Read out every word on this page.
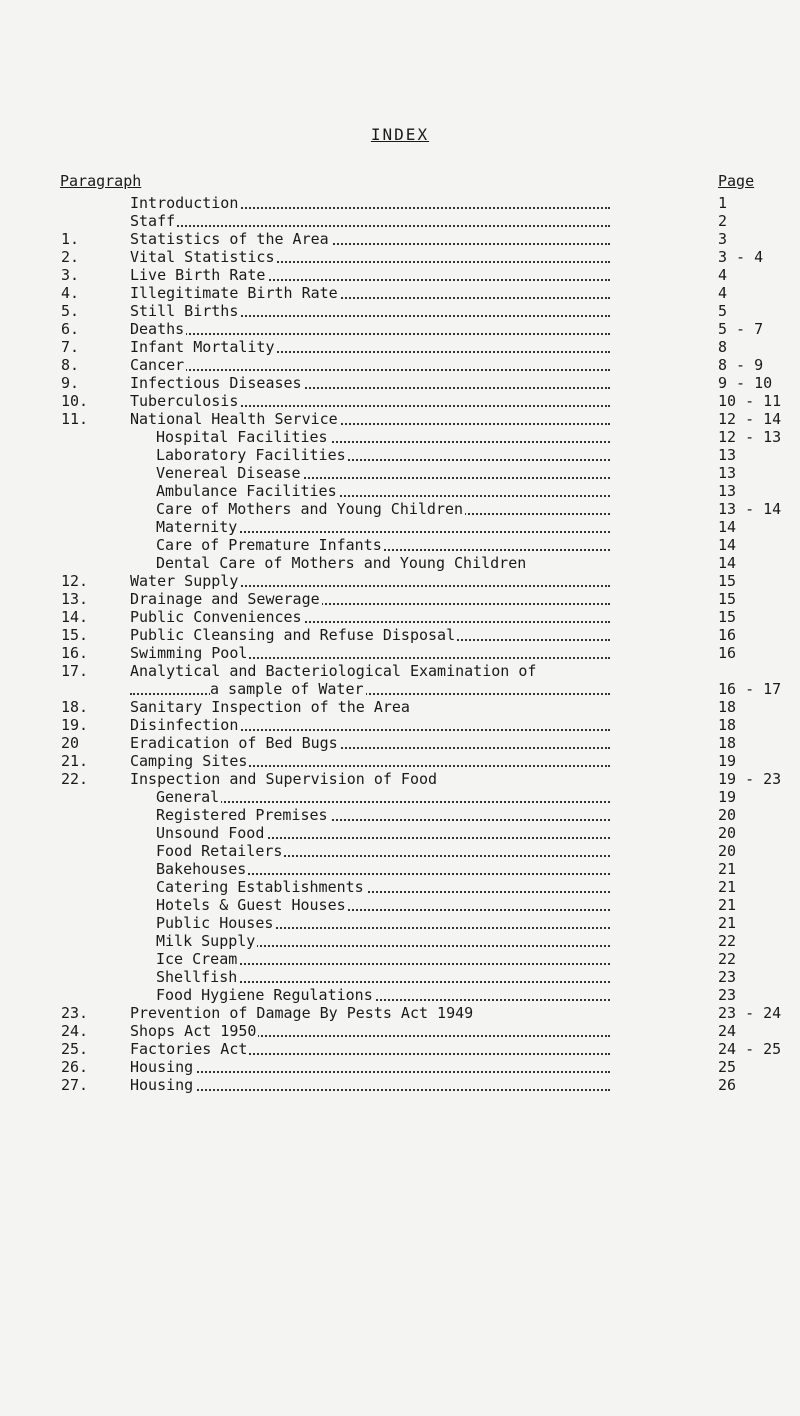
INDEX
Paragraph	Page
Introduction	1
Staff	2
1.	Statistics of the Area	3
2.	Vital Statistics	3 - 4
3.	Live Birth Rate	4
4.	Illegitimate Birth Rate	4
5.	Still Births	5
6.	Deaths	5 - 7
7.	Infant Mortality	8
8.	Cancer	8 - 9
9.	Infectious Diseases	9 - 10
10.	Tuberculosis	10 - 11
11.	National Health Service	12 - 14
Hospital Facilities	12 - 13
Laboratory Facilities	13
Venereal Disease	13
Ambulance Facilities	13
Care of Mothers and Young Children	13 - 14
Maternity	14
Care of Premature Infants	14
Dental Care of Mothers and Young Children	14
12.	Water Supply	15
13.	Drainage and Sewerage	15
14.	Public Conveniences	15
15.	Public Cleansing and Refuse Disposal	16
16.	Swimming Pool	16
17.	Analytical and Bacteriological Examination of
a sample of Water	16 - 17
18.	Sanitary Inspection of the Area	18
19.	Disinfection	18
20	Eradication of Bed Bugs	18
21.	Camping Sites	19
22.	Inspection and Supervision of Food	19 - 23
General	19
Registered Premises	20
Unsound Food	20
Food Retailers	20
Bakehouses	21
Catering Establishments	21
Hotels & Guest Houses	21
Public Houses	21
Milk Supply	22
Ice Cream	22
Shellfish	23
Food Hygiene Regulations	23
23.	Prevention of Damage By Pests Act 1949	23 - 24
24.	Shops Act 1950	24
25.	Factories Act	24 - 25
26.	Housing	25
27.	Housing	26
